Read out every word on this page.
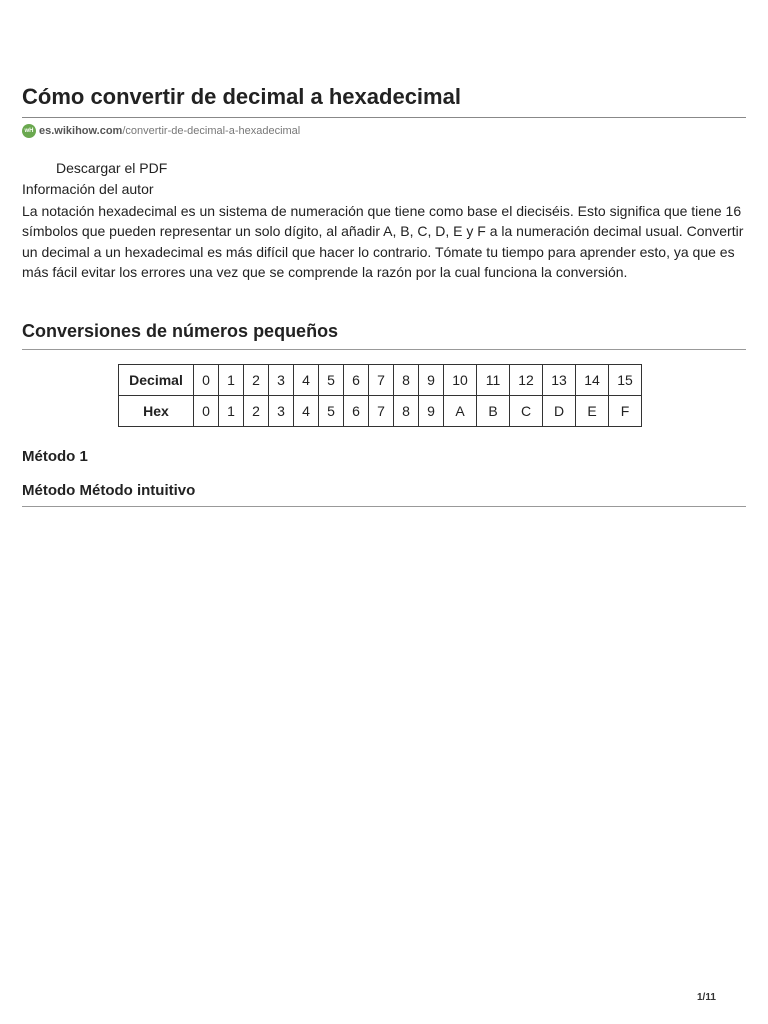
Cómo convertir de decimal a hexadecimal
wH es.wikihow.com /convertir-de-decimal-a-hexadecimal
Descargar el PDF
Información del autor

La notación hexadecimal es un sistema de numeración que tiene como base el dieciséis. Esto significa que tiene 16 símbolos que pueden representar un solo dígito, al añadir A, B, C, D, E y F a la numeración decimal usual. Convertir un decimal a un hexadecimal es más difícil que hacer lo contrario. Tómate tu tiempo para aprender esto, ya que es más fácil evitar los errores una vez que se comprende la razón por la cual funciona la conversión.

Conversiones de números pequeños
Decimal	0	1	2	3	4	5	6	7	8	9	10	11	12	13	14	15
Hex	0	1	2	3	4	5	6	7	8	9	A	B	C	D	E	F
Método 1
Método Método intuitivo
1/11
